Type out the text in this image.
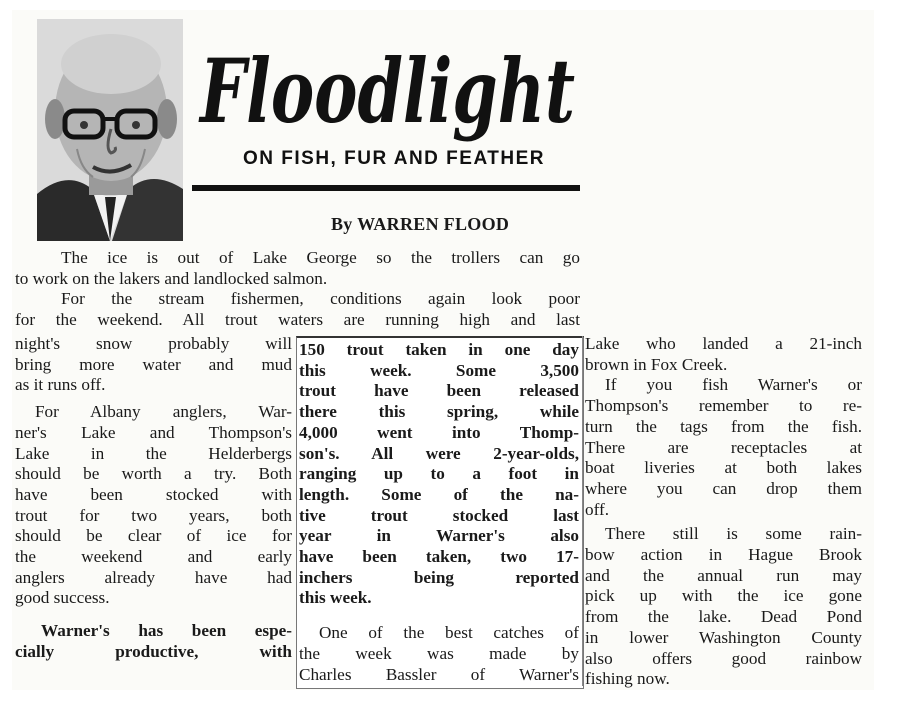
Floodlight
ON FISH, FUR AND FEATHER
By WARREN FLOOD
The ice is out of Lake George so the trollers can go
to work on the lakers and landlocked salmon.
For the stream fishermen, conditions again look poor
for the weekend. All trout waters are running high and last
night's snow probably will
bring more water and mud
as it runs off.
For Albany anglers, War-
ner's Lake and Thompson's
Lake in the Helderbergs
should be worth a try. Both
have been stocked with
trout for two years, both
should be clear of ice for
the weekend and early
anglers already have had
good success.
Warner's has been espe-
cially productive, with
150 trout taken in one day
this week. Some 3,500
trout have been released
there this spring, while
4,000 went into Thomp-
son's. All were 2-year-olds,
ranging up to a foot in
length. Some of the na-
tive trout stocked last
year in Warner's also
have been taken, two 17-
inchers being reported
this week.
One of the best catches of
the week was made by
Charles Bassler of Warner's
Lake who landed a 21-inch
brown in Fox Creek.
If you fish Warner's or
Thompson's remember to re-
turn the tags from the fish.
There are receptacles at
boat liveries at both lakes
where you can drop them
off.
There still is some rain-
bow action in Hague Brook
and the annual run may
pick up with the ice gone
from the lake. Dead Pond
in lower Washington County
also offers good rainbow
fishing now.
